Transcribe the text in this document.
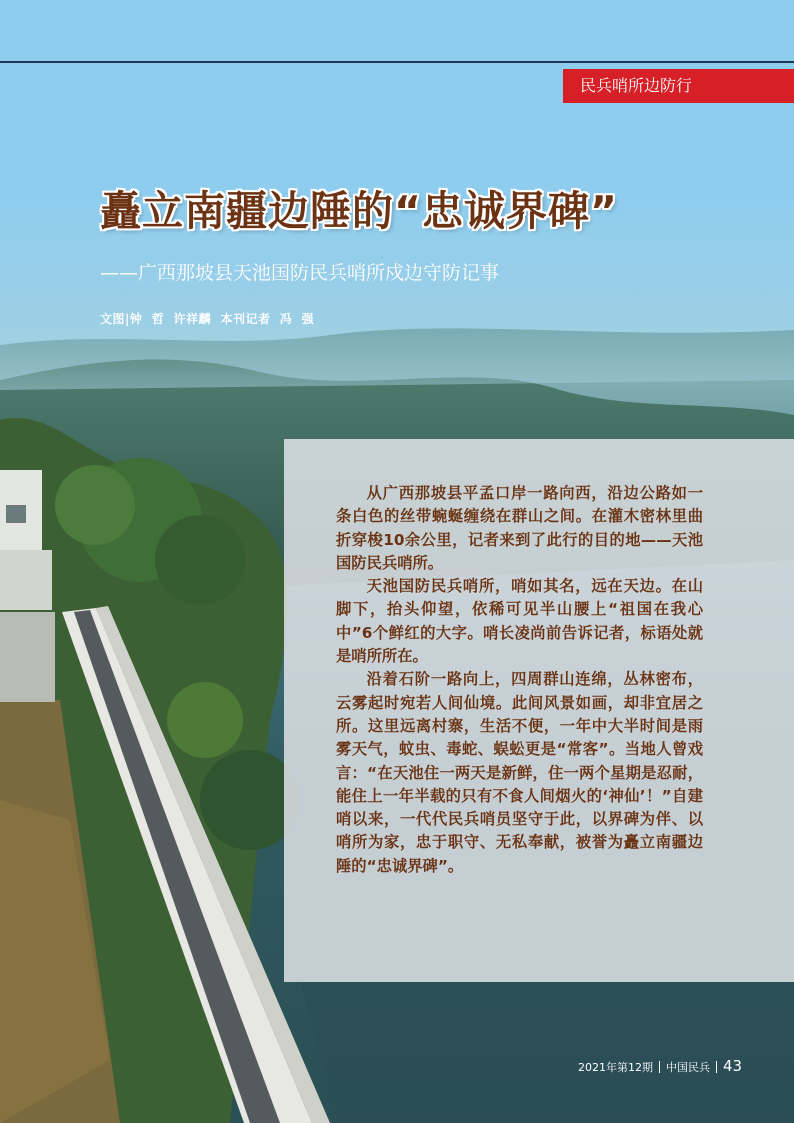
民兵哨所边防行
矗立南疆边陲的“忠诚界碑”
——广西那坡县天池国防民兵哨所戍边守防记事
文图|钟  哲  许祥麟  本刊记者  冯  强

从广西那坡县平孟口岸一路向西，沿边公路如一条白色的丝带蜿蜒缠绕在群山之间。在灌木密林里曲折穿梭10余公里，记者来到了此行的目的地——天池国防民兵哨所。

天池国防民兵哨所，哨如其名，远在天边。在山脚下，抬头仰望，依稀可见半山腰上“祖国在我心中”6个鲜红的大字。哨长凌尚前告诉记者，标语处就是哨所所在。

沿着石阶一路向上，四周群山连绵，丛林密布，云雾起时宛若人间仙境。此间风景如画，却非宜居之所。这里远离村寨，生活不便，一年中大半时间是雨雾天气，蚊虫、毒蛇、蜈蚣更是“常客”。当地人曾戏言：“在天池住一两天是新鲜，住一两个星期是忍耐，能住上一年半载的只有不食人间烟火的‘神仙’！”自建哨以来，一代代民兵哨员坚守于此，以界碑为伴、以哨所为家，忠于职守、无私奉献，被誉为矗立南疆边陲的“忠诚界碑”。

2021年第12期 中国民兵 43
